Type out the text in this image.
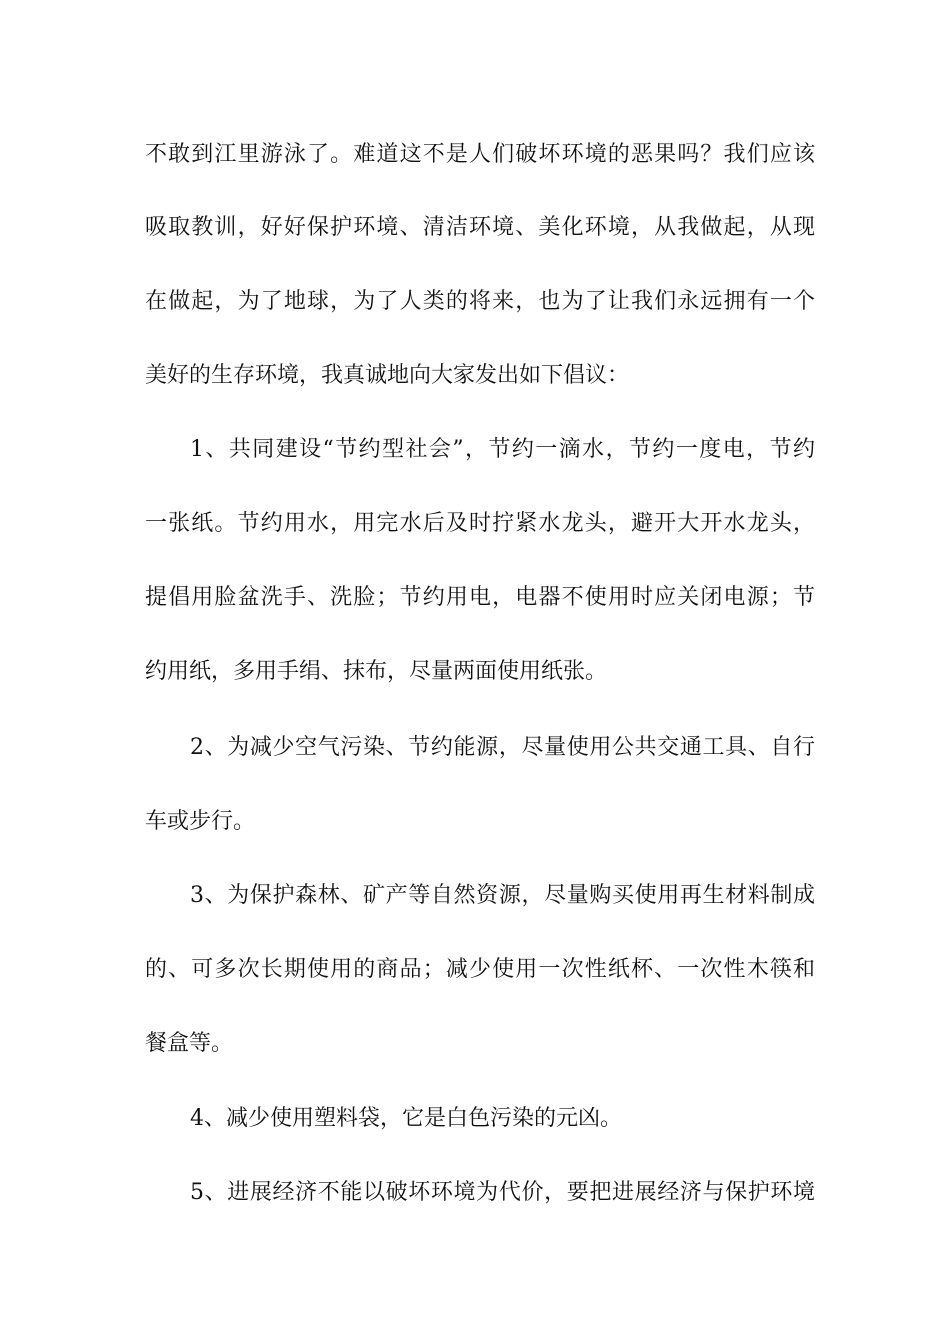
不敢到江里游泳了。难道这不是人们破坏环境的恶果吗？我们应该
吸取教训，好好保护环境、清洁环境、美化环境，从我做起，从现
在做起，为了地球，为了人类的将来，也为了让我们永远拥有一个
美好的生存环境，我真诚地向大家发出如下倡议：
1、共同建设“节约型社会”，节约一滴水，节约一度电，节约
一张纸。节约用水，用完水后及时拧紧水龙头，避开大开水龙头，
提倡用脸盆洗手、洗脸；节约用电，电器不使用时应关闭电源；节
约用纸，多用手绢、抹布，尽量两面使用纸张。
2、为减少空气污染、节约能源，尽量使用公共交通工具、自行
车或步行。
3、为保护森林、矿产等自然资源，尽量购买使用再生材料制成
的、可多次长期使用的商品；减少使用一次性纸杯、一次性木筷和
餐盒等。
4、减少使用塑料袋，它是白色污染的元凶。
5、进展经济不能以破坏环境为代价，要把进展经济与保护环境
